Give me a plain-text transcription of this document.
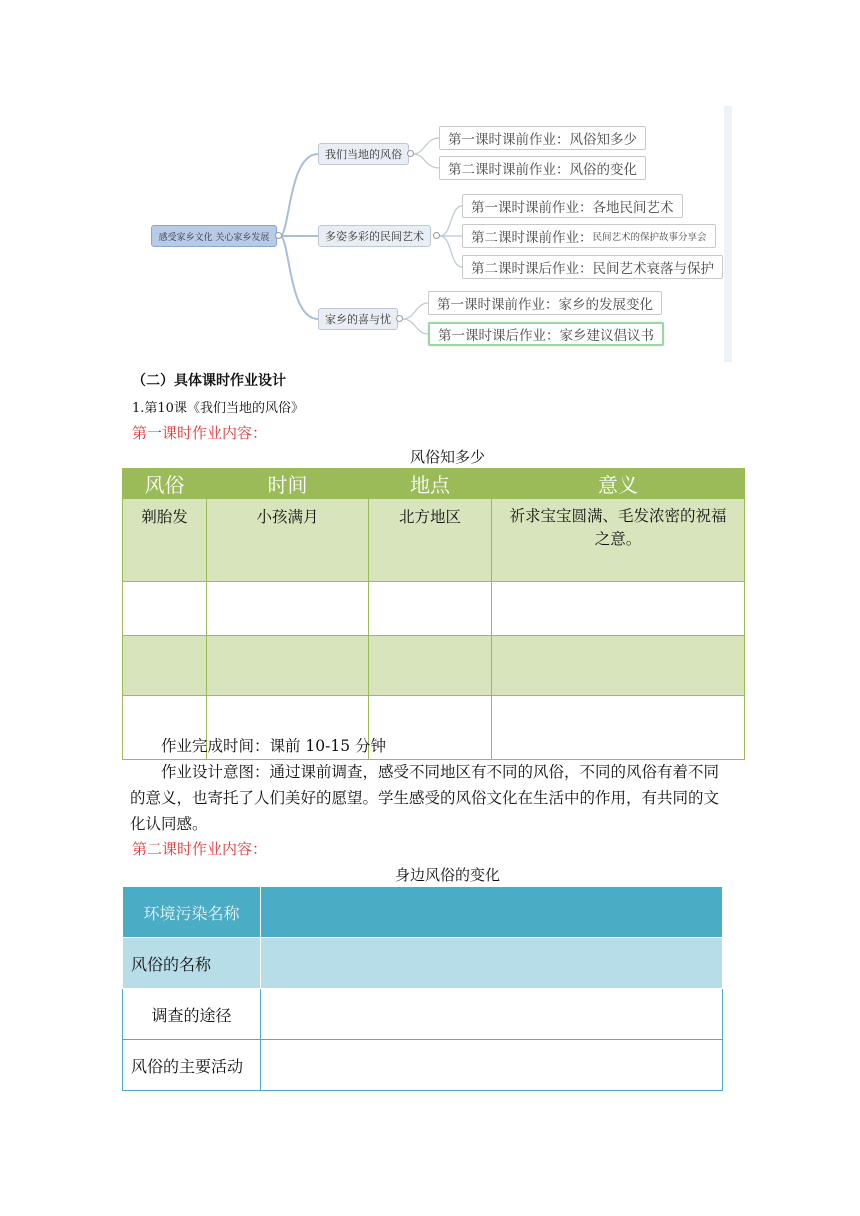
感受家乡文化 关心家乡发展
我们当地的风俗
多姿多彩的民间艺术
家乡的喜与忧
第一课时课前作业：风俗知多少
第二课时课前作业：风俗的变化
第一课时课前作业：各地民间艺术
第二课时课前作业： 民间艺术的保护故事分享会
第二课时课后作业：民间艺术衰落与保护
第一课时课前作业：家乡的发展变化
第一课时课后作业：家乡建议倡议书
（二）具体课时作业设计
1.第10课《我们当地的风俗》
第一课时作业内容：
风俗知多少
风俗	时间	地点	意义
剃胎发	小孩满月	北方地区	祈求宝宝圆满、毛发浓密的祝福之意。

作业完成时间：课前 10-15 分钟
作业设计意图：通过课前调查，感受不同地区有不同的风俗，不同的风俗有着不同的意义，也寄托了人们美好的愿望。学生感受的风俗文化在生活中的作用，有共同的文化认同感。
第二课时作业内容：
身边风俗的变化
环境污染名称	
风俗的名称	
调查的途径	
风俗的主要活动	
